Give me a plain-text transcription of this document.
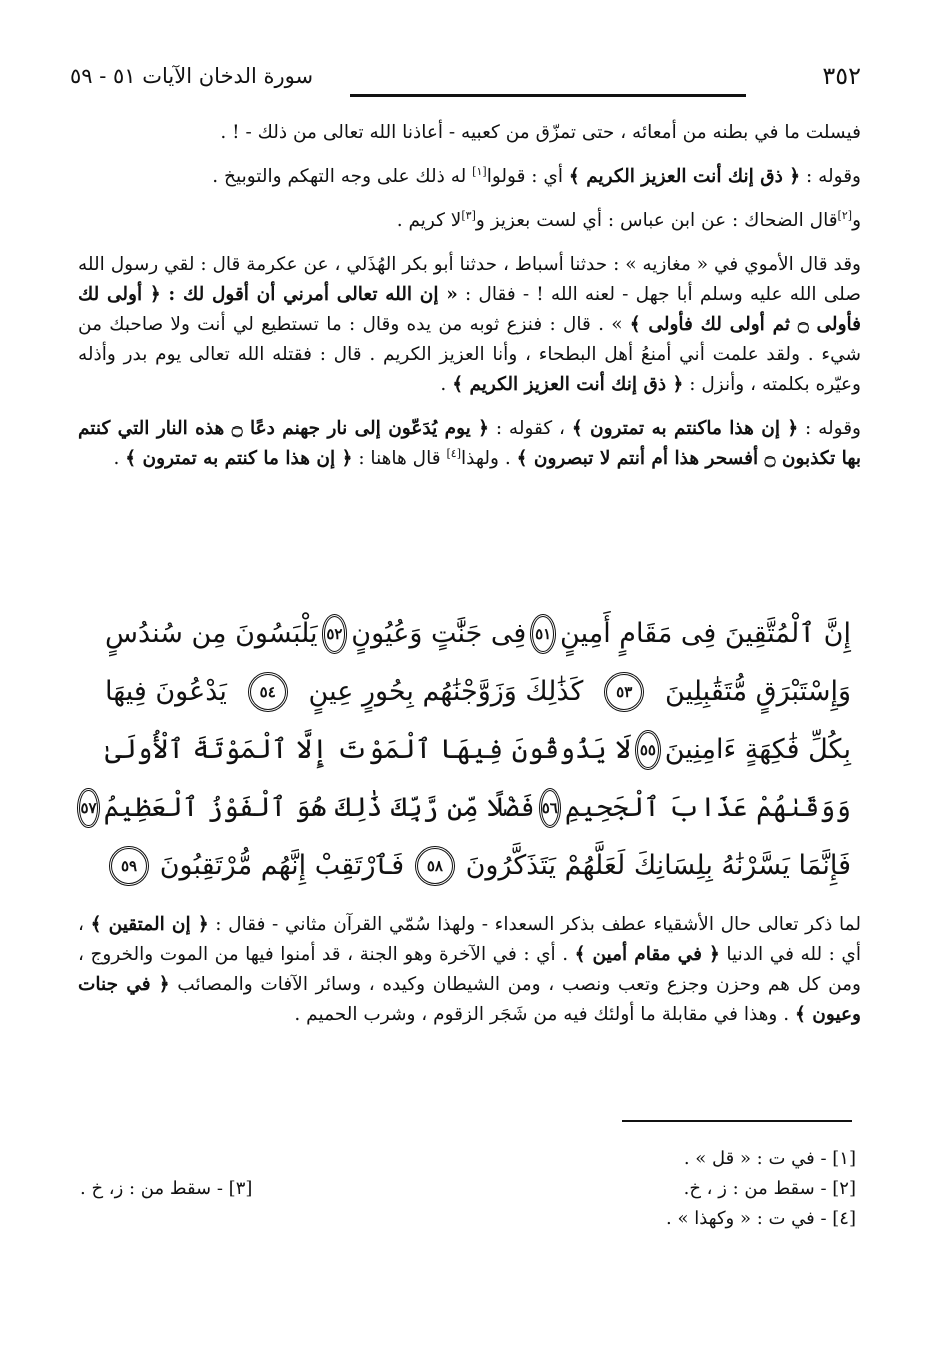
٣٥٢
سورة الدخان الآيات ٥١ - ٥٩

فيسلت ما في بطنه من أمعائه ، حتى تمزّق من كعبيه - أعاذنا الله تعالى من ذلك - ! .

وقوله : ﴿ ذق إنك أنت العزيز الكريم ﴾ أي : قولوا[١] له ذلك على وجه التهكم والتوبيخ .

و[٢]قال الضحاك : عن ابن عباس : أي لست بعزيز و[٣]لا كريم .

وقد قال الأموي في « مغازيه » : حدثنا أسباط ، حدثنا أبو بكر الهُذَلي ، عن عكرمة قال : لقي رسول الله صلى الله عليه وسلم أبا جهل - لعنه الله ! - فقال : « إن الله تعالى أمرني أن أقول لك : ﴿ أولى لك فأولى ۝ ثم أولى لك فأولى ﴾ » . قال : فنزع ثوبه من يده وقال : ما تستطيع لي أنت ولا صاحبك من شيء . ولقد علمت أني أمنعُ أهل البطحاء ، وأنا العزيز الكريم . قال : فقتله الله تعالى يوم بدر وأذله وعيّره بكلمته ، وأنزل : ﴿ ذق إنك أنت العزيز الكريم ﴾ .

وقوله : ﴿ إن هذا ماكنتم به تمترون ﴾ ، كقوله : ﴿ يوم يُدَعّون إلى نار جهنم دعًا ۝ هذه النار التي كنتم بها تكذبون ۝ أفسحر هذا أم أنتم لا تبصرون ﴾ . ولهذا[٤] قال هاهنا : ﴿ إن هذا ما كنتم به تمترون ﴾ .

إِنَّ ٱلْمُتَّقِينَ فِى مَقَامٍ أَمِينٍ
٥١
فِى جَنَّٰتٍ وَعُيُونٍ
٥٢
يَلْبَسُونَ مِن سُندُسٍ
وَإِسْتَبْرَقٍ مُّتَقَٰبِلِينَ
٥٣
كَذَٰلِكَ وَزَوَّجْنَٰهُم بِحُورٍ عِينٍ
٥٤
يَدْعُونَ فِيهَا
بِكُلِّ فَٰكِهَةٍ ءَامِنِينَ
٥٥
لَا يَذُوقُونَ فِيهَا ٱلْمَوْتَ إِلَّا ٱلْمَوْتَةَ ٱلْأُولَىٰ
وَوَقَىٰهُمْ عَذَابَ ٱلْجَحِيمِ
٥٦
فَضْلًا مِّن رَّبِّكَ ذَٰلِكَ هُوَ ٱلْفَوْزُ ٱلْعَظِيمُ
٥٧
فَإِنَّمَا يَسَّرْنَٰهُ بِلِسَانِكَ لَعَلَّهُمْ يَتَذَكَّرُونَ
٥٨
فَٱرْتَقِبْ إِنَّهُم مُّرْتَقِبُونَ
٥٩

لما ذكر تعالى حال الأشقياء عطف بذكر السعداء - ولهذا سُمّي القرآن مثاني - فقال : ﴿ إن المتقين ﴾ ، أي : لله في الدنيا ﴿ في مقام أمين ﴾ . أي : في الآخرة وهو الجنة ، قد أمنوا فيها من الموت والخروج ، ومن كل هم وحزن وجزع وتعب ونصب ، ومن الشيطان وكيده ، وسائر الآفات والمصائب ﴿ في جنات وعيون ﴾ . وهذا في مقابلة ما أولئك فيه من شَجَر الزقوم ، وشرب الحميم .

[١] - في ت : « قل » .
[٢] - سقط من : ز ، خ.
[٣] - سقط من : ز، خ .
[٤] - في ت : « وكهذا » .
